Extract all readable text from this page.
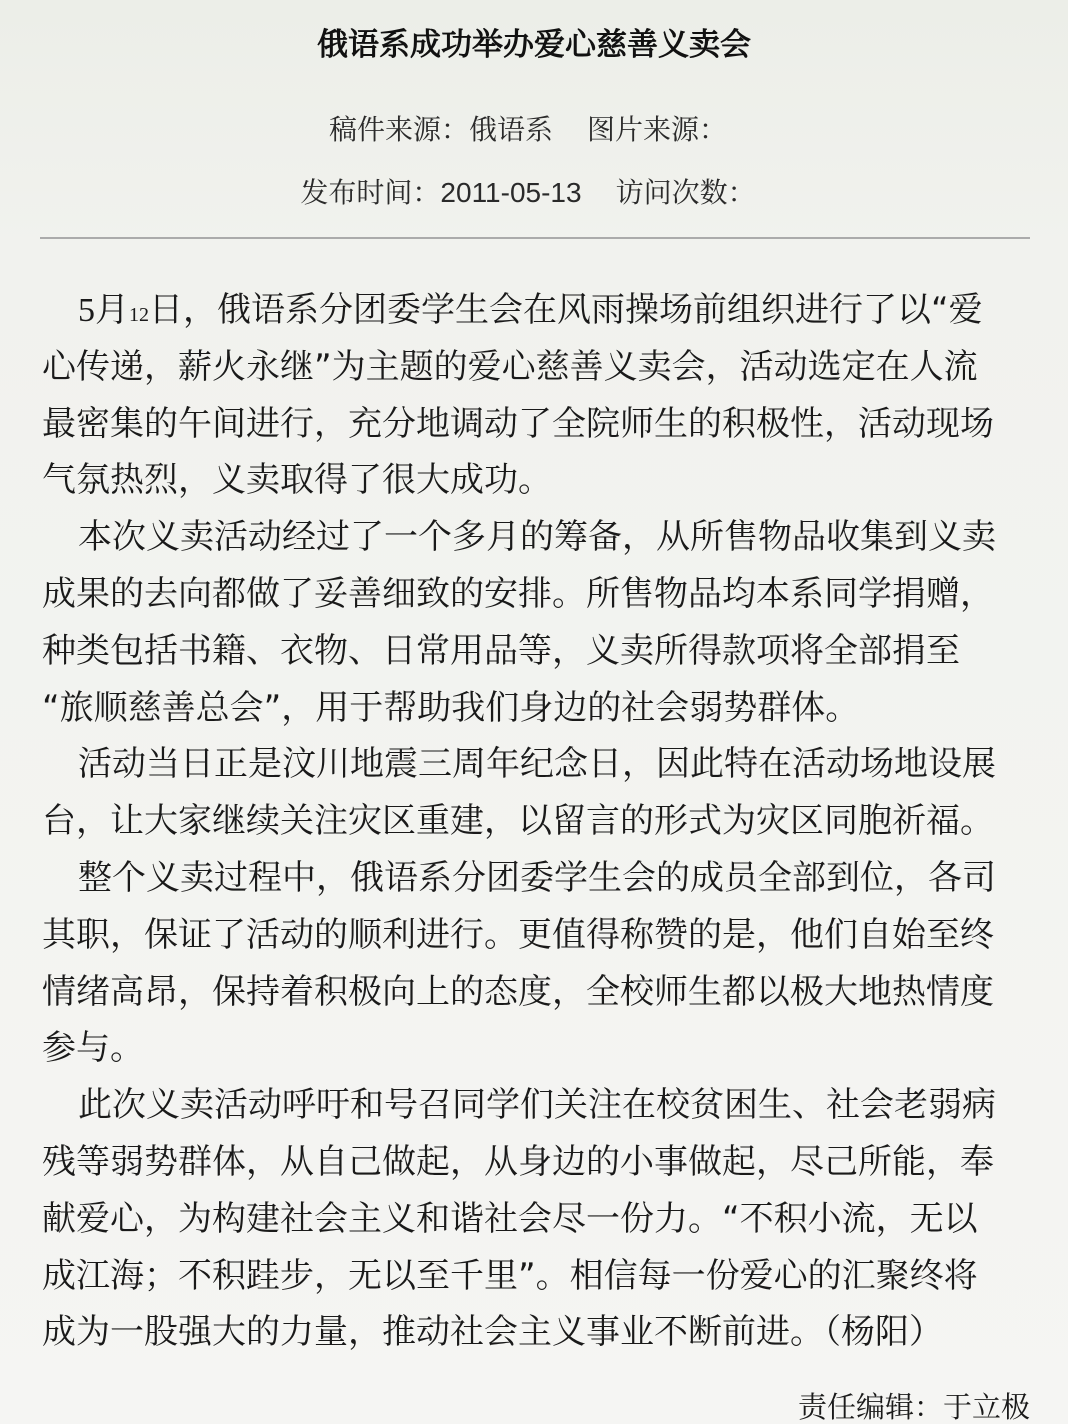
俄语系成功举办爱心慈善义卖会
稿件来源： 俄语系 图片来源：
发布时间： 2011-05-13 访问次数：
5月12日，俄语系分团委学生会在风雨操场前组织进行了以“爱
心传递，薪火永继”为主题的爱心慈善义卖会，活动选定在人流
最密集的午间进行，充分地调动了全院师生的积极性，活动现场
气氛热烈，义卖取得了很大成功。
本次义卖活动经过了一个多月的筹备，从所售物品收集到义卖
成果的去向都做了妥善细致的安排。所售物品均本系同学捐赠，
种类包括书籍、衣物、日常用品等，义卖所得款项将全部捐至
“旅顺慈善总会”，用于帮助我们身边的社会弱势群体。
活动当日正是汶川地震三周年纪念日，因此特在活动场地设展
台，让大家继续关注灾区重建，以留言的形式为灾区同胞祈福。
整个义卖过程中，俄语系分团委学生会的成员全部到位，各司
其职，保证了活动的顺利进行。更值得称赞的是，他们自始至终
情绪高昂，保持着积极向上的态度，全校师生都以极大地热情度
参与。
此次义卖活动呼吁和号召同学们关注在校贫困生、社会老弱病
残等弱势群体，从自己做起，从身边的小事做起，尽己所能，奉
献爱心，为构建社会主义和谐社会尽一份力。“不积小流，无以
成江海；不积跬步，无以至千里”。相信每一份爱心的汇聚终将
成为一股强大的力量，推动社会主义事业不断前进。（杨阳）
责任编辑：于立极
